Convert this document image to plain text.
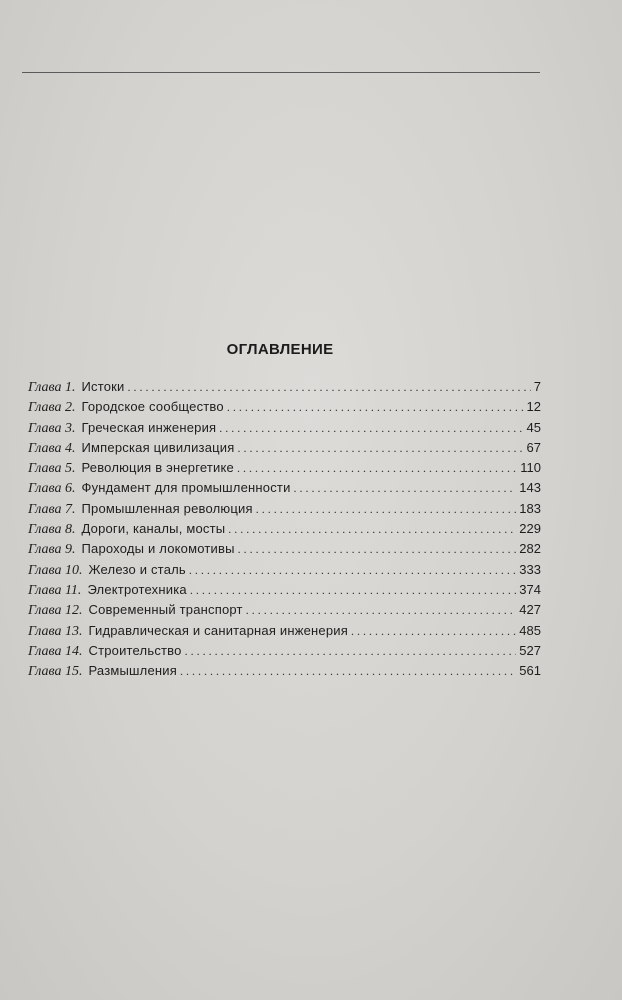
ОГЛАВЛЕНИЕ
Глава 1. Истоки . . .	7
Глава 2. Городское сообщество . . .	12
Глава 3. Греческая инженерия . . .	45
Глава 4. Имперская цивилизация . . .	67
Глава 5. Революция в энергетике . . .	110
Глава 6. Фундамент для промышленности . . .	143
Глава 7. Промышленная революция . . .	183
Глава 8. Дороги, каналы, мосты . . .	229
Глава 9. Пароходы и локомотивы . . .	282
Глава 10. Железо и сталь . . .	333
Глава 11. Электротехника . . .	374
Глава 12. Современный транспорт . . .	427
Глава 13. Гидравлическая и санитарная инженерия . . .	485
Глава 14. Строительство . . .	527
Глава 15. Размышления . . .	561
